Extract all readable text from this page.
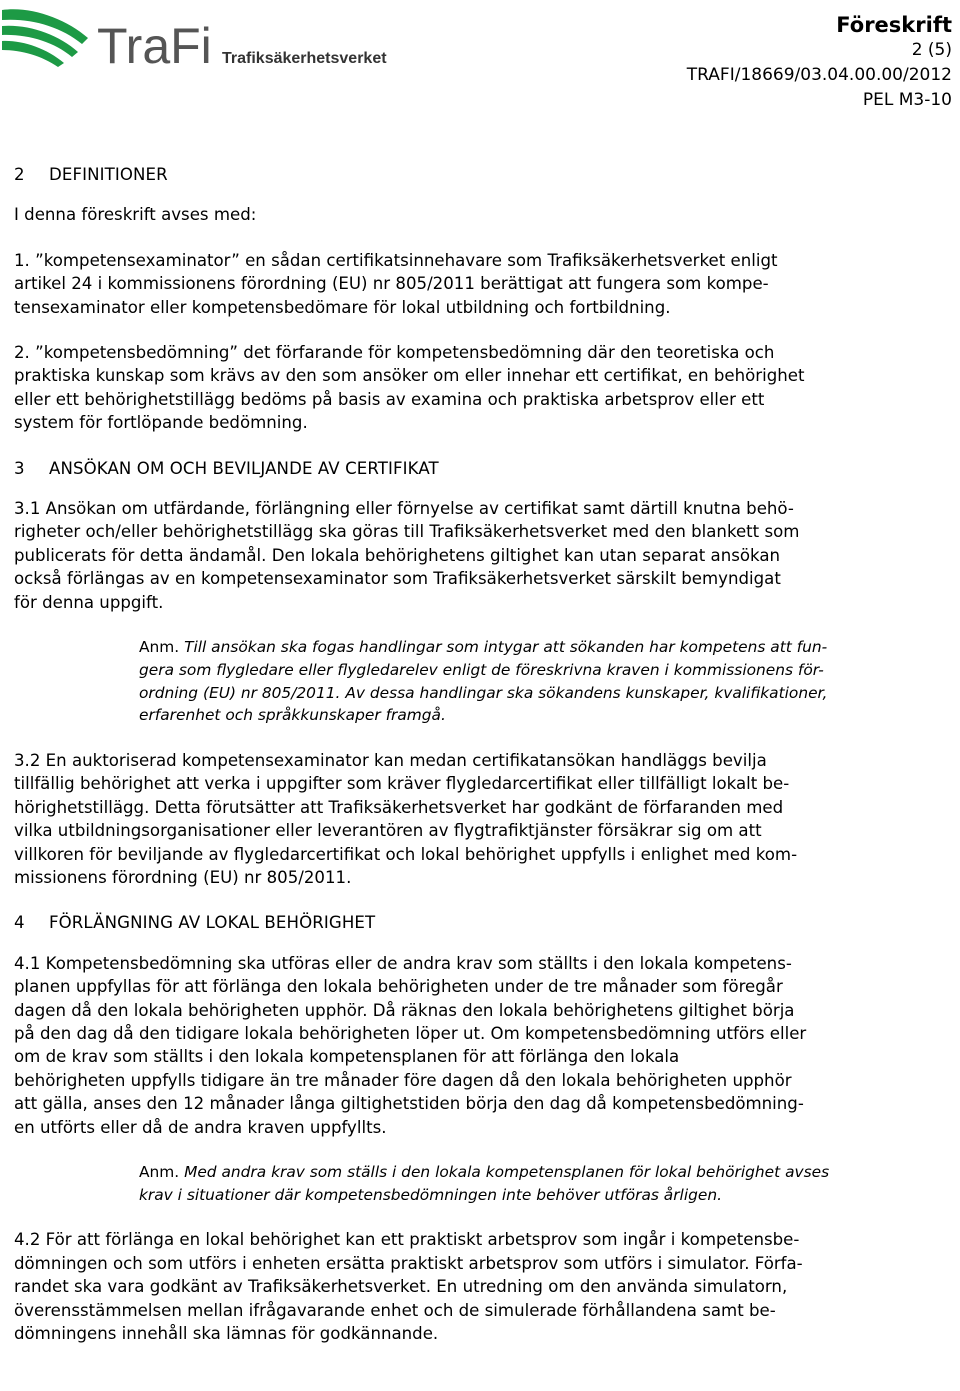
TraFi Trafiksäkerhetsverket
Föreskrift
2 (5)
TRAFI/18669/03.04.00.00/2012
PEL M3-10

2 DEFINITIONER

I denna föreskrift avses med:

1. ”kompetensexaminator” en sådan certifikatsinnehavare som Trafiksäkerhetsverket enligt

artikel 24 i kommissionens förordning (EU) nr 805/2011 berättigat att fungera som kompe-

tensexaminator eller kompetensbedömare för lokal utbildning och fortbildning.

2. ”kompetensbedömning” det förfarande för kompetensbedömning där den teoretiska och

praktiska kunskap som krävs av den som ansöker om eller innehar ett certifikat, en behörighet

eller ett behörighetstillägg bedöms på basis av examina och praktiska arbetsprov eller ett

system för fortlöpande bedömning.

3 ANSÖKAN OM OCH BEVILJANDE AV CERTIFIKAT

3.1 Ansökan om utfärdande, förlängning eller förnyelse av certifikat samt därtill knutna behö-

righeter och/eller behörighetstillägg ska göras till Trafiksäkerhetsverket med den blankett som

publicerats för detta ändamål. Den lokala behörighetens giltighet kan utan separat ansökan

också förlängas av en kompetensexaminator som Trafiksäkerhetsverket särskilt bemyndigat

för denna uppgift.

Anm. Till ansökan ska fogas handlingar som intygar att sökanden har kompetens att fun-

gera som flygledare eller flygledarelev enligt de föreskrivna kraven i kommissionens för-

ordning (EU) nr 805/2011. Av dessa handlingar ska sökandens kunskaper, kvalifikationer,

erfarenhet och språkkunskaper framgå.

3.2 En auktoriserad kompetensexaminator kan medan certifikatansökan handläggs bevilja

tillfällig behörighet att verka i uppgifter som kräver flygledarcertifikat eller tillfälligt lokalt be-

hörighetstillägg. Detta förutsätter att Trafiksäkerhetsverket har godkänt de förfaranden med

vilka utbildningsorganisationer eller leverantören av flygtrafiktjänster försäkrar sig om att

villkoren för beviljande av flygledarcertifikat och lokal behörighet uppfylls i enlighet med kom-

missionens förordning (EU) nr 805/2011.

4 FÖRLÄNGNING AV LOKAL BEHÖRIGHET

4.1 Kompetensbedömning ska utföras eller de andra krav som ställts i den lokala kompetens-

planen uppfyllas för att förlänga den lokala behörigheten under de tre månader som föregår

dagen då den lokala behörigheten upphör. Då räknas den lokala behörighetens giltighet börja

på den dag då den tidigare lokala behörigheten löper ut. Om kompetensbedömning utförs eller

om de krav som ställts i den lokala kompetensplanen för att förlänga den lokala

behörigheten uppfylls tidigare än tre månader före dagen då den lokala behörigheten upphör

att gälla, anses den 12 månader långa giltighetstiden börja den dag då kompetensbedömning-

en utförts eller då de andra kraven uppfyllts.

Anm. Med andra krav som ställs i den lokala kompetensplanen för lokal behörighet avses

krav i situationer där kompetensbedömningen inte behöver utföras årligen.

4.2 För att förlänga en lokal behörighet kan ett praktiskt arbetsprov som ingår i kompetensbe-

dömningen och som utförs i enheten ersätta praktiskt arbetsprov som utförs i simulator. Förfa-

randet ska vara godkänt av Trafiksäkerhetsverket. En utredning om den använda simulatorn,

överensstämmelsen mellan ifrågavarande enhet och de simulerade förhållandena samt be-

dömningens innehåll ska lämnas för godkännande.
